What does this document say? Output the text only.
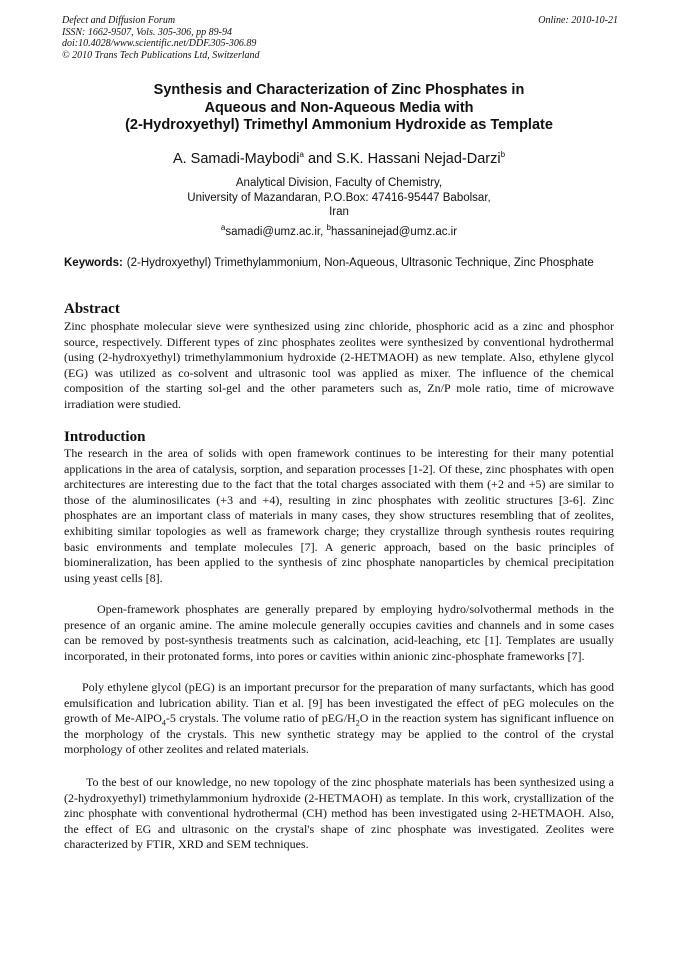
Defect and Diffusion Forum
ISSN: 1662-9507, Vols. 305-306, pp 89-94
doi:10.4028/www.scientific.net/DDF.305-306.89
© 2010 Trans Tech Publications Ltd, Switzerland
Online: 2010-10-21
Synthesis and Characterization of Zinc Phosphates in
Aqueous and Non-Aqueous Media with
(2-Hydroxyethyl) Trimethyl Ammonium Hydroxide as Template
A. Samadi-Maybodi$^a$ and S.K. Hassani Nejad-Darzi$^b$
Analytical Division, Faculty of Chemistry,
University of Mazandaran, P.O.Box: 47416-95447 Babolsar,
Iran
$^a$samadi@umz.ac.ir, $^b$hassaninejad@umz.ac.ir
Keywords: (2-Hydroxyethyl) Trimethylammonium, Non-Aqueous, Ultrasonic Technique, Zinc Phosphate
Abstract
Zinc phosphate molecular sieve were synthesized using zinc chloride, phosphoric acid as a zinc and phosphor source, respectively. Different types of zinc phosphates zeolites were synthesized by conventional hydrothermal (using (2-hydroxyethyl) trimethylammonium hydroxide (2-HETMAOH) as new template. Also, ethylene glycol (EG) was utilized as co-solvent and ultrasonic tool was applied as mixer. The influence of the chemical composition of the starting sol-gel and the other parameters such as, Zn/P mole ratio, time of microwave irradiation were studied.
Introduction
The research in the area of solids with open framework continues to be interesting for their many potential applications in the area of catalysis, sorption, and separation processes [1-2]. Of these, zinc phosphates with open architectures are interesting due to the fact that the total charges associated with them (+2 and +5) are similar to those of the aluminosilicates (+3 and +4), resulting in zinc phosphates with zeolitic structures [3-6]. Zinc phosphates are an important class of materials in many cases, they show structures resembling that of zeolites, exhibiting similar topologies as well as framework charge; they crystallize through synthesis routes requiring basic environments and template molecules [7]. A generic approach, based on the basic principles of biomineralization, has been applied to the synthesis of zinc phosphate nanoparticles by chemical precipitation using yeast cells [8].
Open-framework phosphates are generally prepared by employing hydro/solvothermal methods in the presence of an organic amine. The amine molecule generally occupies cavities and channels and in some cases can be removed by post-synthesis treatments such as calcination, acid-leaching, etc [1]. Templates are usually incorporated, in their protonated forms, into pores or cavities within anionic zinc-phosphate frameworks [7].
Poly ethylene glycol (pEG) is an important precursor for the preparation of many surfactants, which has good emulsification and lubrication ability. Tian et al. [9] has been investigated the effect of pEG molecules on the growth of Me-AlPO$_4$-5 crystals. The volume ratio of pEG/$H_2O$ in the reaction system has significant influence on the morphology of the crystals. This new synthetic strategy may be applied to the control of the crystal morphology of other zeolites and related materials.
To the best of our knowledge, no new topology of the zinc phosphate materials has been synthesized using a (2-hydroxyethyl) trimethylammonium hydroxide (2-HETMAOH) as template. In this work, crystallization of the zinc phosphate with conventional hydrothermal (CH) method has been investigated using 2-HETMAOH. Also, the effect of EG and ultrasonic on the crystal's shape of zinc phosphate was investigated. Zeolites were characterized by FTIR, XRD and SEM techniques.
